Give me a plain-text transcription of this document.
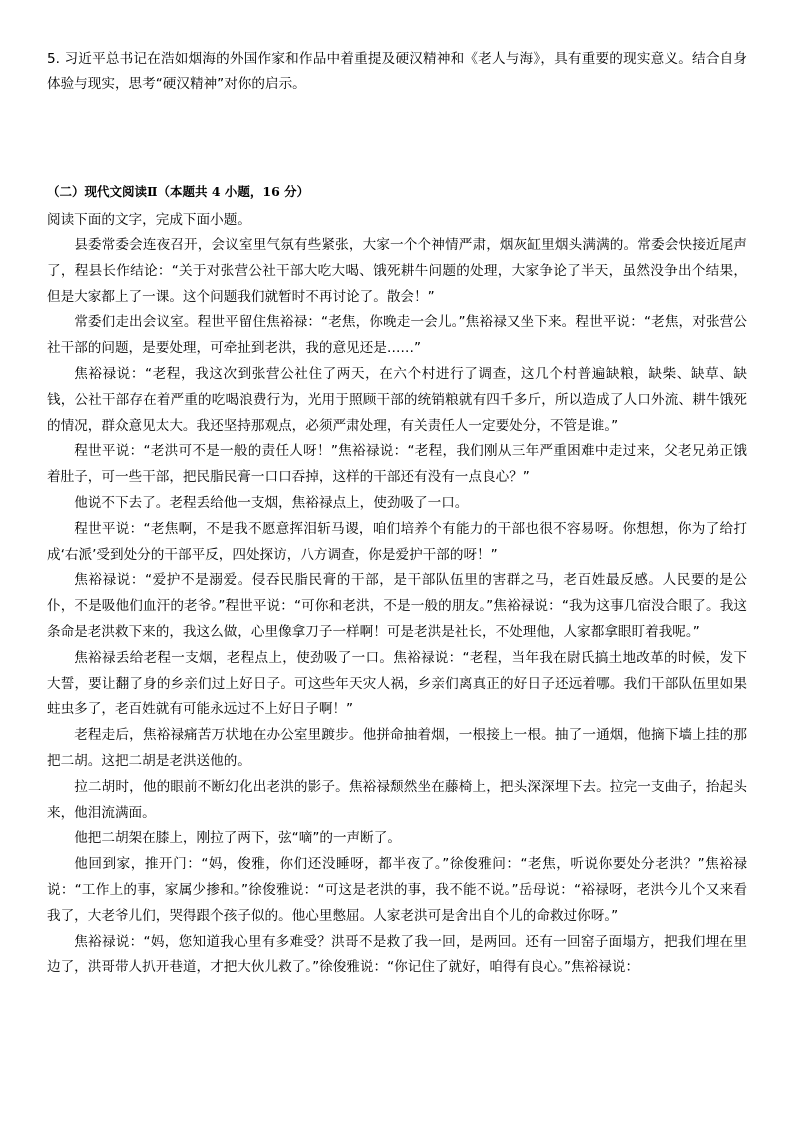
5. 习近平总书记在浩如烟海的外国作家和作品中着重提及硬汉精神和《老人与海》，具有重要的现实意义。结合自身体验与现实，思考“硬汉精神”对你的启示。
（二）现代文阅读Ⅱ（本题共 4 小题，16 分）
阅读下面的文字，完成下面小题。

县委常委会连夜召开，会议室里气氛有些紧张，大家一个个神情严肃，烟灰缸里烟头满满的。常委会快接近尾声了，程县长作结论：“关于对张营公社干部大吃大喝、饿死耕牛问题的处理，大家争论了半天，虽然没争出个结果，但是大家都上了一课。这个问题我们就暂时不再讨论了。散会！”

常委们走出会议室。程世平留住焦裕禄：“老焦，你晚走一会儿。”焦裕禄又坐下来。程世平说：“老焦，对张营公社干部的问题，是要处理，可牵扯到老洪，我的意见还是……”

焦裕禄说：“老程，我这次到张营公社住了两天，在六个村进行了调查，这几个村普遍缺粮，缺柴、缺草、缺钱，公社干部存在着严重的吃喝浪费行为，光用于照顾干部的统销粮就有四千多斤，所以造成了人口外流、耕牛饿死的情况，群众意见太大。我还坚持那观点，必须严肃处理，有关责任人一定要处分，不管是谁。”

程世平说：“老洪可不是一般的责任人呀！”焦裕禄说：“老程，我们刚从三年严重困难中走过来，父老兄弟正饿着肚子，可一些干部，把民脂民膏一口口吞掉，这样的干部还有没有一点良心？”

他说不下去了。老程丢给他一支烟，焦裕禄点上，使劲吸了一口。

程世平说：“老焦啊，不是我不愿意挥泪斩马谡，咱们培养个有能力的干部也很不容易呀。你想想，你为了给打成‘右派’受到处分的干部平反，四处探访，八方调查，你是爱护干部的呀！”

焦裕禄说：“爱护不是溺爱。侵吞民脂民膏的干部，是干部队伍里的害群之马，老百姓最反感。人民要的是公仆，不是吸他们血汗的老爷。”程世平说：“可你和老洪，不是一般的朋友。”焦裕禄说：“我为这事几宿没合眼了。我这条命是老洪救下来的，我这么做，心里像拿刀子一样啊！可是老洪是社长，不处理他，人家都拿眼盯着我呢。”

焦裕禄丢给老程一支烟，老程点上，使劲吸了一口。焦裕禄说：“老程，当年我在尉氏搞土地改革的时候，发下大誓，要让翻了身的乡亲们过上好日子。可这些年天灾人祸，乡亲们离真正的好日子还远着哪。我们干部队伍里如果蛀虫多了，老百姓就有可能永远过不上好日子啊！”

老程走后，焦裕禄痛苦万状地在办公室里踱步。他拼命抽着烟，一根接上一根。抽了一通烟，他摘下墙上挂的那把二胡。这把二胡是老洪送他的。

拉二胡时，他的眼前不断幻化出老洪的影子。焦裕禄颓然坐在藤椅上，把头深深埋下去。拉完一支曲子，抬起头来，他泪流满面。

他把二胡架在膝上，刚拉了两下，弦“嘀”的一声断了。

他回到家，推开门：“妈，俊雅，你们还没睡呀，都半夜了。”徐俊雅问：“老焦，听说你要处分老洪？”焦裕禄说：“工作上的事，家属少掺和。”徐俊雅说：“可这是老洪的事，我不能不说。”岳母说：“裕禄呀，老洪今儿个又来看我了，大老爷儿们，哭得跟个孩子似的。他心里憋屈。人家老洪可是舍出自个儿的命救过你呀。”

焦裕禄说：“妈，您知道我心里有多难受？洪哥不是救了我一回，是两回。还有一回窑子面塌方，把我们埋在里边了，洪哥带人扒开巷道，才把大伙儿救了。”徐俊雅说：“你记住了就好，咱得有良心。”焦裕禄说：
